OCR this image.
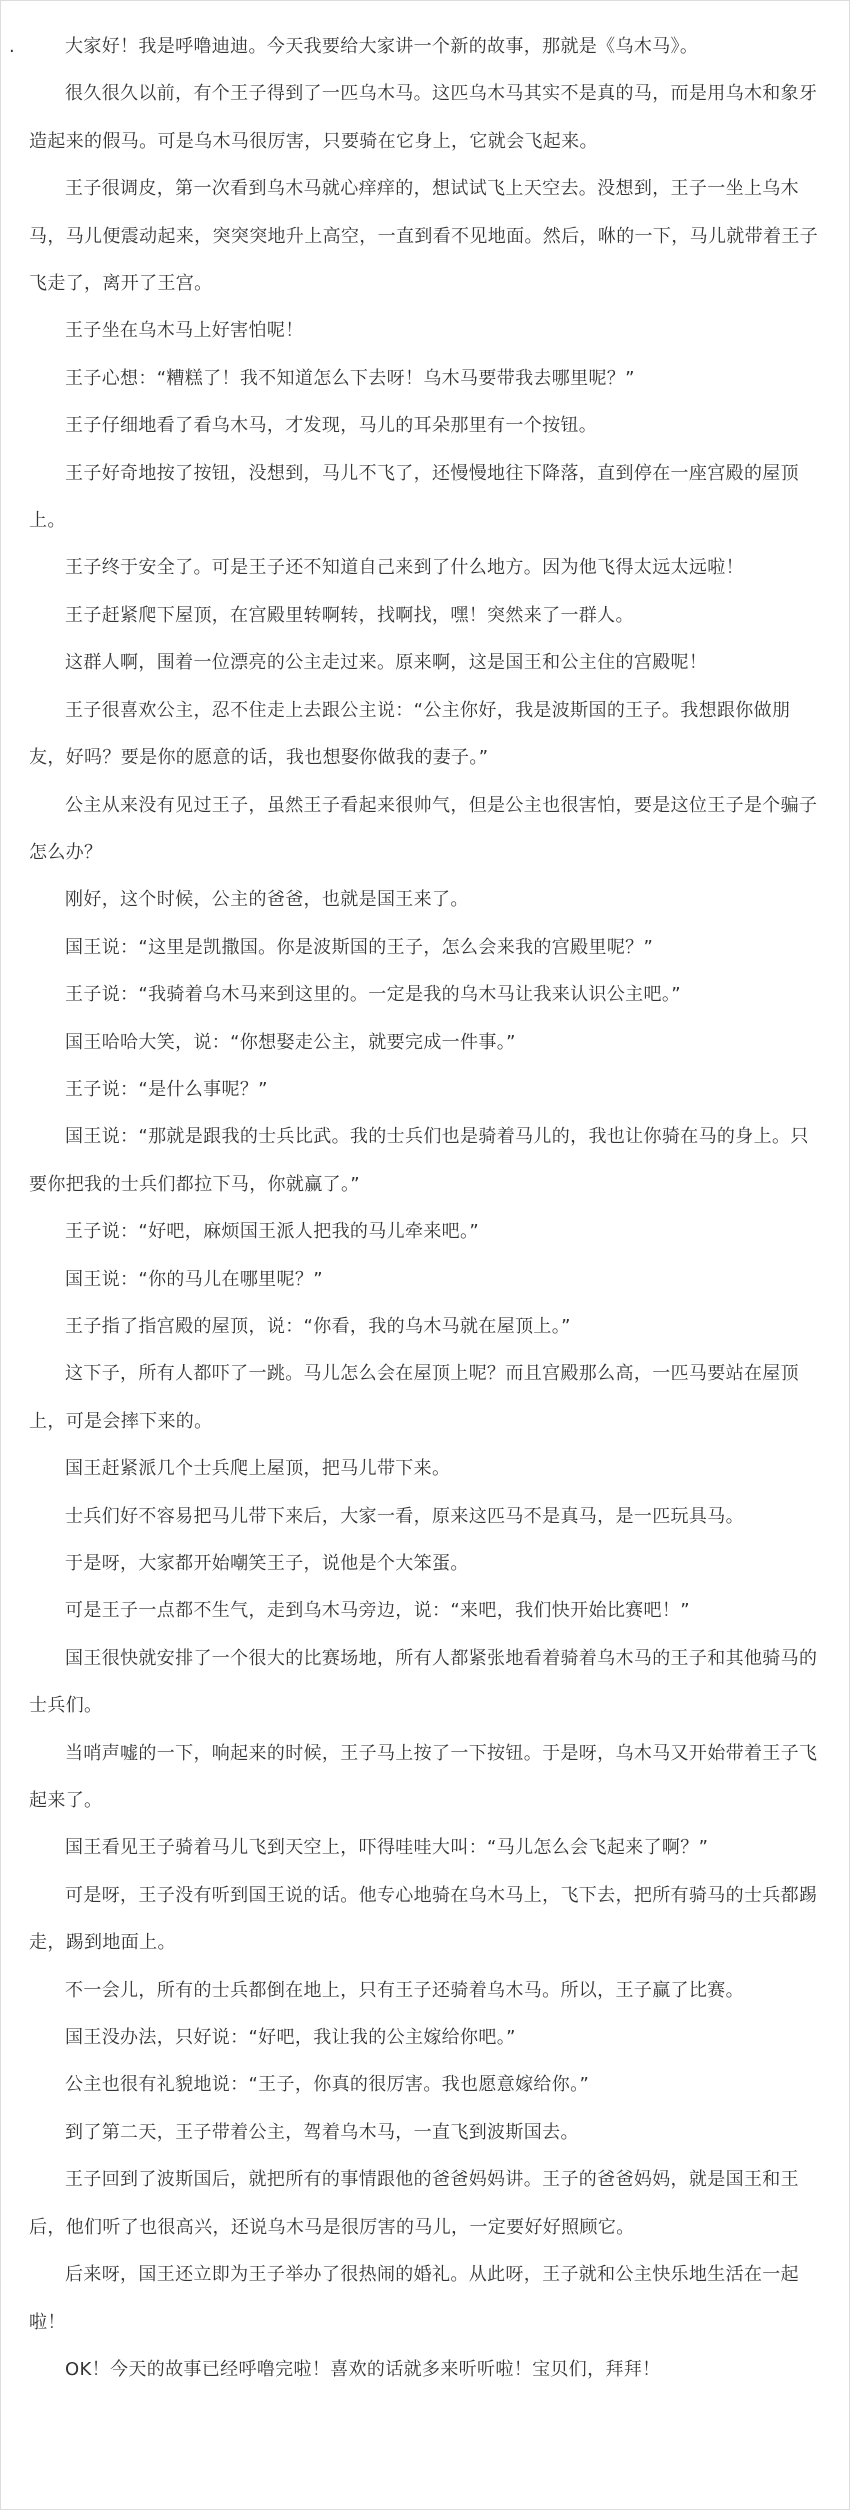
.	大家好！我是呼噜迪迪。今天我要给大家讲一个新的故事，那就是《乌木马》。

很久很久以前，有个王子得到了一匹乌木马。这匹乌木马其实不是真的马，而是用乌木和象牙造起来的假马。可是乌木马很厉害，只要骑在它身上，它就会飞起来。

王子很调皮，第一次看到乌木马就心痒痒的，想试试飞上天空去。没想到，王子一坐上乌木马，马儿便震动起来，突突突地升上高空，一直到看不见地面。然后，咻的一下，马儿就带着王子飞走了，离开了王宫。

王子坐在乌木马上好害怕呢！

王子心想：“糟糕了！我不知道怎么下去呀！乌木马要带我去哪里呢？”

王子仔细地看了看乌木马，才发现，马儿的耳朵那里有一个按钮。

王子好奇地按了按钮，没想到，马儿不飞了，还慢慢地往下降落，直到停在一座宫殿的屋顶上。

王子终于安全了。可是王子还不知道自己来到了什么地方。因为他飞得太远太远啦！

王子赶紧爬下屋顶，在宫殿里转啊转，找啊找，嘿！突然来了一群人。

这群人啊，围着一位漂亮的公主走过来。原来啊，这是国王和公主住的宫殿呢！

王子很喜欢公主，忍不住走上去跟公主说：“公主你好，我是波斯国的王子。我想跟你做朋友，好吗？要是你的愿意的话，我也想娶你做我的妻子。”

公主从来没有见过王子，虽然王子看起来很帅气，但是公主也很害怕，要是这位王子是个骗子怎么办？

刚好，这个时候，公主的爸爸，也就是国王来了。

国王说：“这里是凯撒国。你是波斯国的王子，怎么会来我的宫殿里呢？”

王子说：“我骑着乌木马来到这里的。一定是我的乌木马让我来认识公主吧。”

国王哈哈大笑，说：“你想娶走公主，就要完成一件事。”

王子说：“是什么事呢？”

国王说：“那就是跟我的士兵比武。我的士兵们也是骑着马儿的，我也让你骑在马的身上。只要你把我的士兵们都拉下马，你就赢了。”

王子说：“好吧，麻烦国王派人把我的马儿牵来吧。”

国王说：“你的马儿在哪里呢？”

王子指了指宫殿的屋顶，说：“你看，我的乌木马就在屋顶上。”

这下子，所有人都吓了一跳。马儿怎么会在屋顶上呢？而且宫殿那么高，一匹马要站在屋顶上，可是会摔下来的。

国王赶紧派几个士兵爬上屋顶，把马儿带下来。

士兵们好不容易把马儿带下来后，大家一看，原来这匹马不是真马，是一匹玩具马。

于是呀，大家都开始嘲笑王子，说他是个大笨蛋。

可是王子一点都不生气，走到乌木马旁边，说：“来吧，我们快开始比赛吧！”

国王很快就安排了一个很大的比赛场地，所有人都紧张地看着骑着乌木马的王子和其他骑马的士兵们。

当哨声嘘的一下，响起来的时候，王子马上按了一下按钮。于是呀，乌木马又开始带着王子飞起来了。

国王看见王子骑着马儿飞到天空上，吓得哇哇大叫：“马儿怎么会飞起来了啊？”

可是呀，王子没有听到国王说的话。他专心地骑在乌木马上，飞下去，把所有骑马的士兵都踢走，踢到地面上。

不一会儿，所有的士兵都倒在地上，只有王子还骑着乌木马。所以，王子赢了比赛。

国王没办法，只好说：“好吧，我让我的公主嫁给你吧。”

公主也很有礼貌地说：“王子，你真的很厉害。我也愿意嫁给你。”

到了第二天，王子带着公主，驾着乌木马，一直飞到波斯国去。

王子回到了波斯国后，就把所有的事情跟他的爸爸妈妈讲。王子的爸爸妈妈，就是国王和王后，他们听了也很高兴，还说乌木马是很厉害的马儿，一定要好好照顾它。

后来呀，国王还立即为王子举办了很热闹的婚礼。从此呀，王子就和公主快乐地生活在一起啦！

OK！今天的故事已经呼噜完啦！喜欢的话就多来听听啦！宝贝们，拜拜！
